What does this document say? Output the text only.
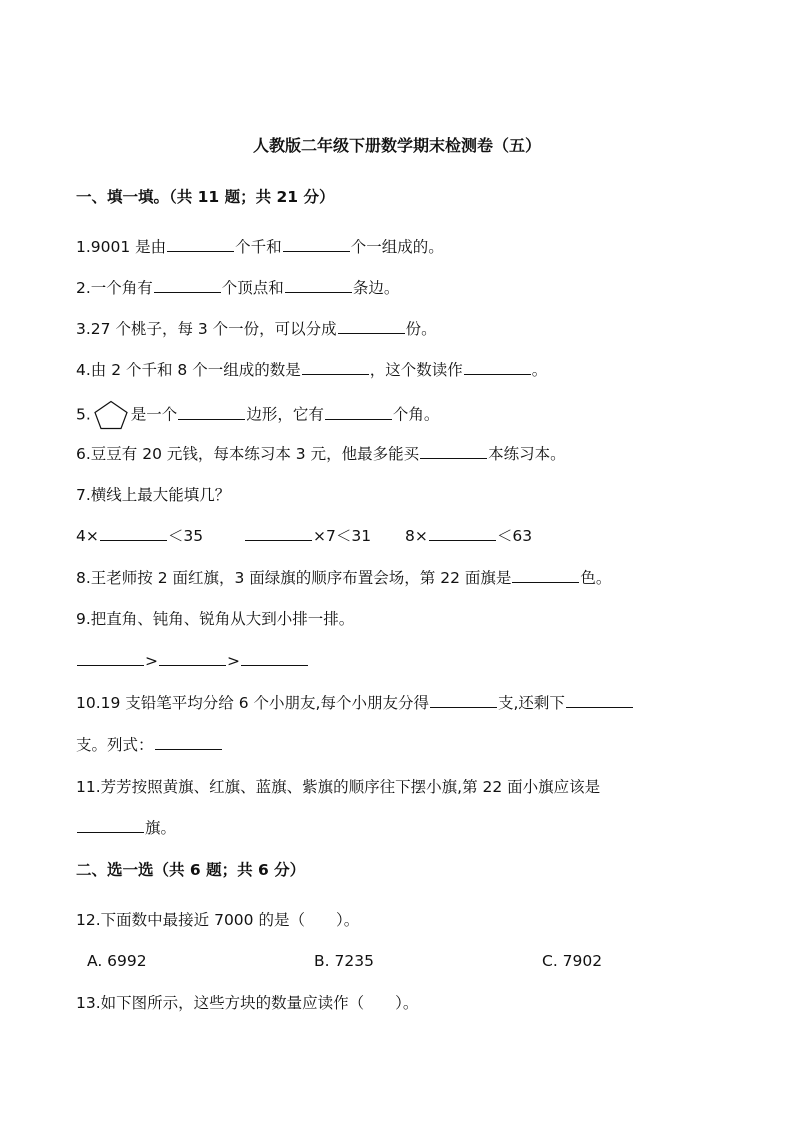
人教版二年级下册数学期末检测卷（五）
一、填一填。（共 11 题；共 21 分）
1.9001 是由	个千和	个一组成的。
2.一个角有	个顶点和	条边。
3.27 个桃子，每 3 个一份，可以分成	份。
4.由 2 个千和 8 个一组成的数是	，这个数读作	。
5.	是一个	边形，它有	个角。
6.豆豆有 20 元钱，每本练习本 3 元，他最多能买	本练习本。
7.横线上最大能填几？
4×	＜35	×7＜31 8×	＜63
8.王老师按 2 面红旗，3 面绿旗的顺序布置会场，第 22 面旗是	色。
9.把直角、钝角、锐角从大到小排一排。
>	>
10.19 支铅笔平均分给 6 个小朋友,每个小朋友分得	支,还剩下
支。列式：
11.芳芳按照黄旗、红旗、蓝旗、紫旗的顺序往下摆小旗,第 22 面小旗应该是
旗。
二、选一选（共 6 题；共 6 分）
12.下面数中最接近 7000 的是（　　）。
A. 6992	B. 7235	C. 7902
13.如下图所示，这些方块的数量应读作（　　）。
